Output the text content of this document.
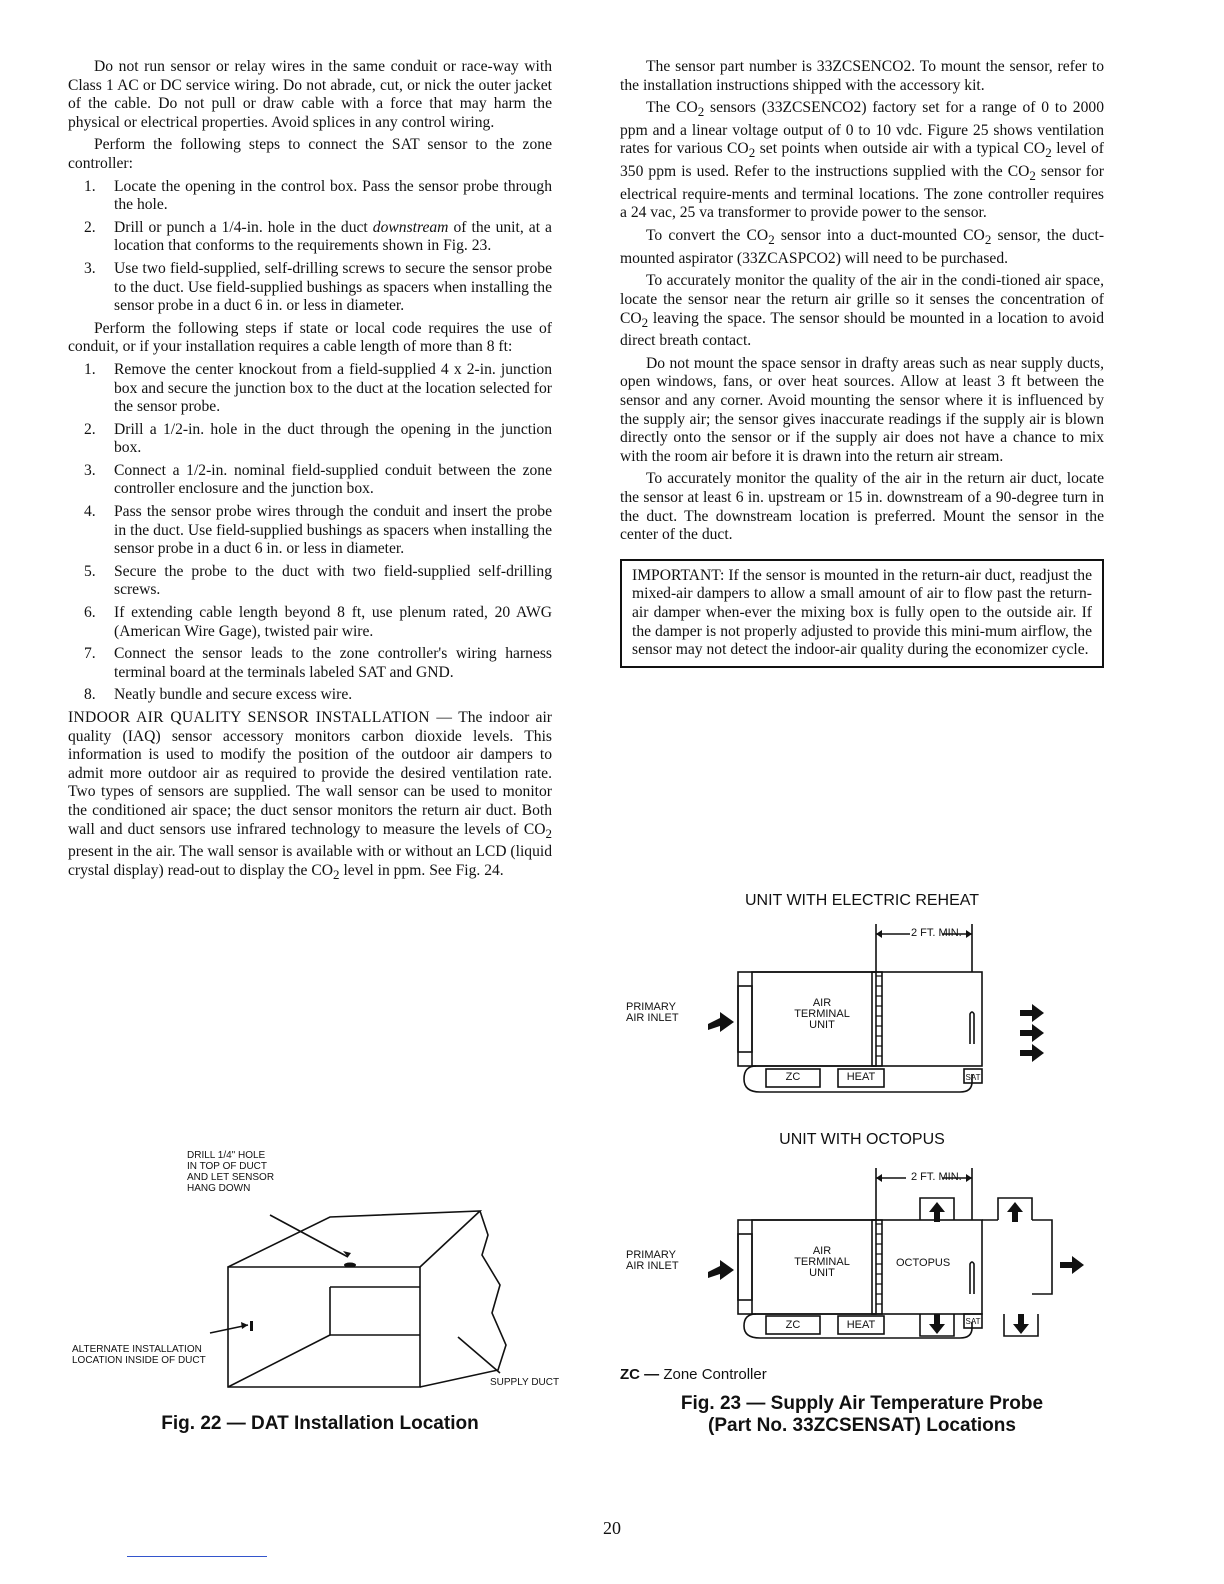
Do not run sensor or relay wires in the same conduit or race-way with Class 1 AC or DC service wiring. Do not abrade, cut, or nick the outer jacket of the cable. Do not pull or draw cable with a force that may harm the physical or electrical properties. Avoid splices in any control wiring.

Perform the following steps to connect the SAT sensor to the zone controller:

1. Locate the opening in the control box. Pass the sensor probe through the hole.
2. Drill or punch a 1/4-in. hole in the duct downstream of the unit, at a location that conforms to the requirements shown in Fig. 23.
3. Use two field-supplied, self-drilling screws to secure the sensor probe to the duct. Use field-supplied bushings as spacers when installing the sensor probe in a duct 6 in. or less in diameter.

Perform the following steps if state or local code requires the use of conduit, or if your installation requires a cable length of more than 8 ft:

1. Remove the center knockout from a field-supplied 4 x 2-in. junction box and secure the junction box to the duct at the location selected for the sensor probe.
2. Drill a 1/2-in. hole in the duct through the opening in the junction box.
3. Connect a 1/2-in. nominal field-supplied conduit between the zone controller enclosure and the junction box.
4. Pass the sensor probe wires through the conduit and insert the probe in the duct. Use field-supplied bushings as spacers when installing the sensor probe in a duct 6 in. or less in diameter.
5. Secure the probe to the duct with two field-supplied self-drilling screws.
6. If extending cable length beyond 8 ft, use plenum rated, 20 AWG (American Wire Gage), twisted pair wire.
7. Connect the sensor leads to the zone controller's wiring harness terminal board at the terminals labeled SAT and GND.
8. Neatly bundle and secure excess wire.

INDOOR AIR QUALITY SENSOR INSTALLATION — The indoor air quality (IAQ) sensor accessory monitors carbon dioxide levels. This information is used to modify the position of the outdoor air dampers to admit more outdoor air as required to provide the desired ventilation rate. Two types of sensors are supplied. The wall sensor can be used to monitor the conditioned air space; the duct sensor monitors the return air duct. Both wall and duct sensors use infrared technology to measure the levels of $CO_2$ present in the air. The wall sensor is available with or without an LCD (liquid crystal display) read-out to display the $CO_2$ level in ppm. See Fig. 24.

The sensor part number is 33ZCSENCO2. To mount the sensor, refer to the installation instructions shipped with the accessory kit.

The $CO_2$ sensors (33ZCSENCO2) factory set for a range of 0 to 2000 ppm and a linear voltage output of 0 to 10 vdc. Figure 25 shows ventilation rates for various $CO_2$ set points when outside air with a typical $CO_2$ level of 350 ppm is used. Refer to the instructions supplied with the $CO_2$ sensor for electrical require-ments and terminal locations. The zone controller requires a 24 vac, 25 va transformer to provide power to the sensor.

To convert the $CO_2$ sensor into a duct-mounted $CO_2$ sensor, the duct-mounted aspirator (33ZCASPCO2) will need to be purchased.

To accurately monitor the quality of the air in the condi-tioned air space, locate the sensor near the return air grille so it senses the concentration of $CO_2$ leaving the space. The sensor should be mounted in a location to avoid direct breath contact.

Do not mount the space sensor in drafty areas such as near supply ducts, open windows, fans, or over heat sources. Allow at least 3 ft between the sensor and any corner. Avoid mounting the sensor where it is influenced by the supply air; the sensor gives inaccurate readings if the supply air is blown directly onto the sensor or if the supply air does not have a chance to mix with the room air before it is drawn into the return air stream.

To accurately monitor the quality of the air in the return air duct, locate the sensor at least 6 in. upstream or 15 in. downstream of a 90-degree turn in the duct. The downstream location is preferred. Mount the sensor in the center of the duct.

IMPORTANT: If the sensor is mounted in the return-air duct, readjust the mixed-air dampers to allow a small amount of air to flow past the return-air damper when-ever the mixing box is fully open to the outside air. If the damper is not properly adjusted to provide this mini-mum airflow, the sensor may not detect the indoor-air quality during the economizer cycle.
DRILL 1/4" HOLE
IN TOP OF DUCT
AND LET SENSOR
HANG DOWN
ALTERNATE INSTALLATION
LOCATION INSIDE OF DUCT
SUPPLY DUCT
Fig. 22 — DAT Installation Location
UNIT WITH ELECTRIC REHEAT
2 FT. MIN.
PRIMARY
AIR INLET
AIR
TERMINAL
UNIT
ZC	HEAT	SAT
UNIT WITH OCTOPUS
2 FT. MIN.
PRIMARY
AIR INLET
AIR
TERMINAL
UNIT
OCTOPUS
ZC	HEAT	SAT
ZC — Zone Controller
Fig. 23 — Supply Air Temperature Probe
(Part No. 33ZCSENSAT) Locations
20
